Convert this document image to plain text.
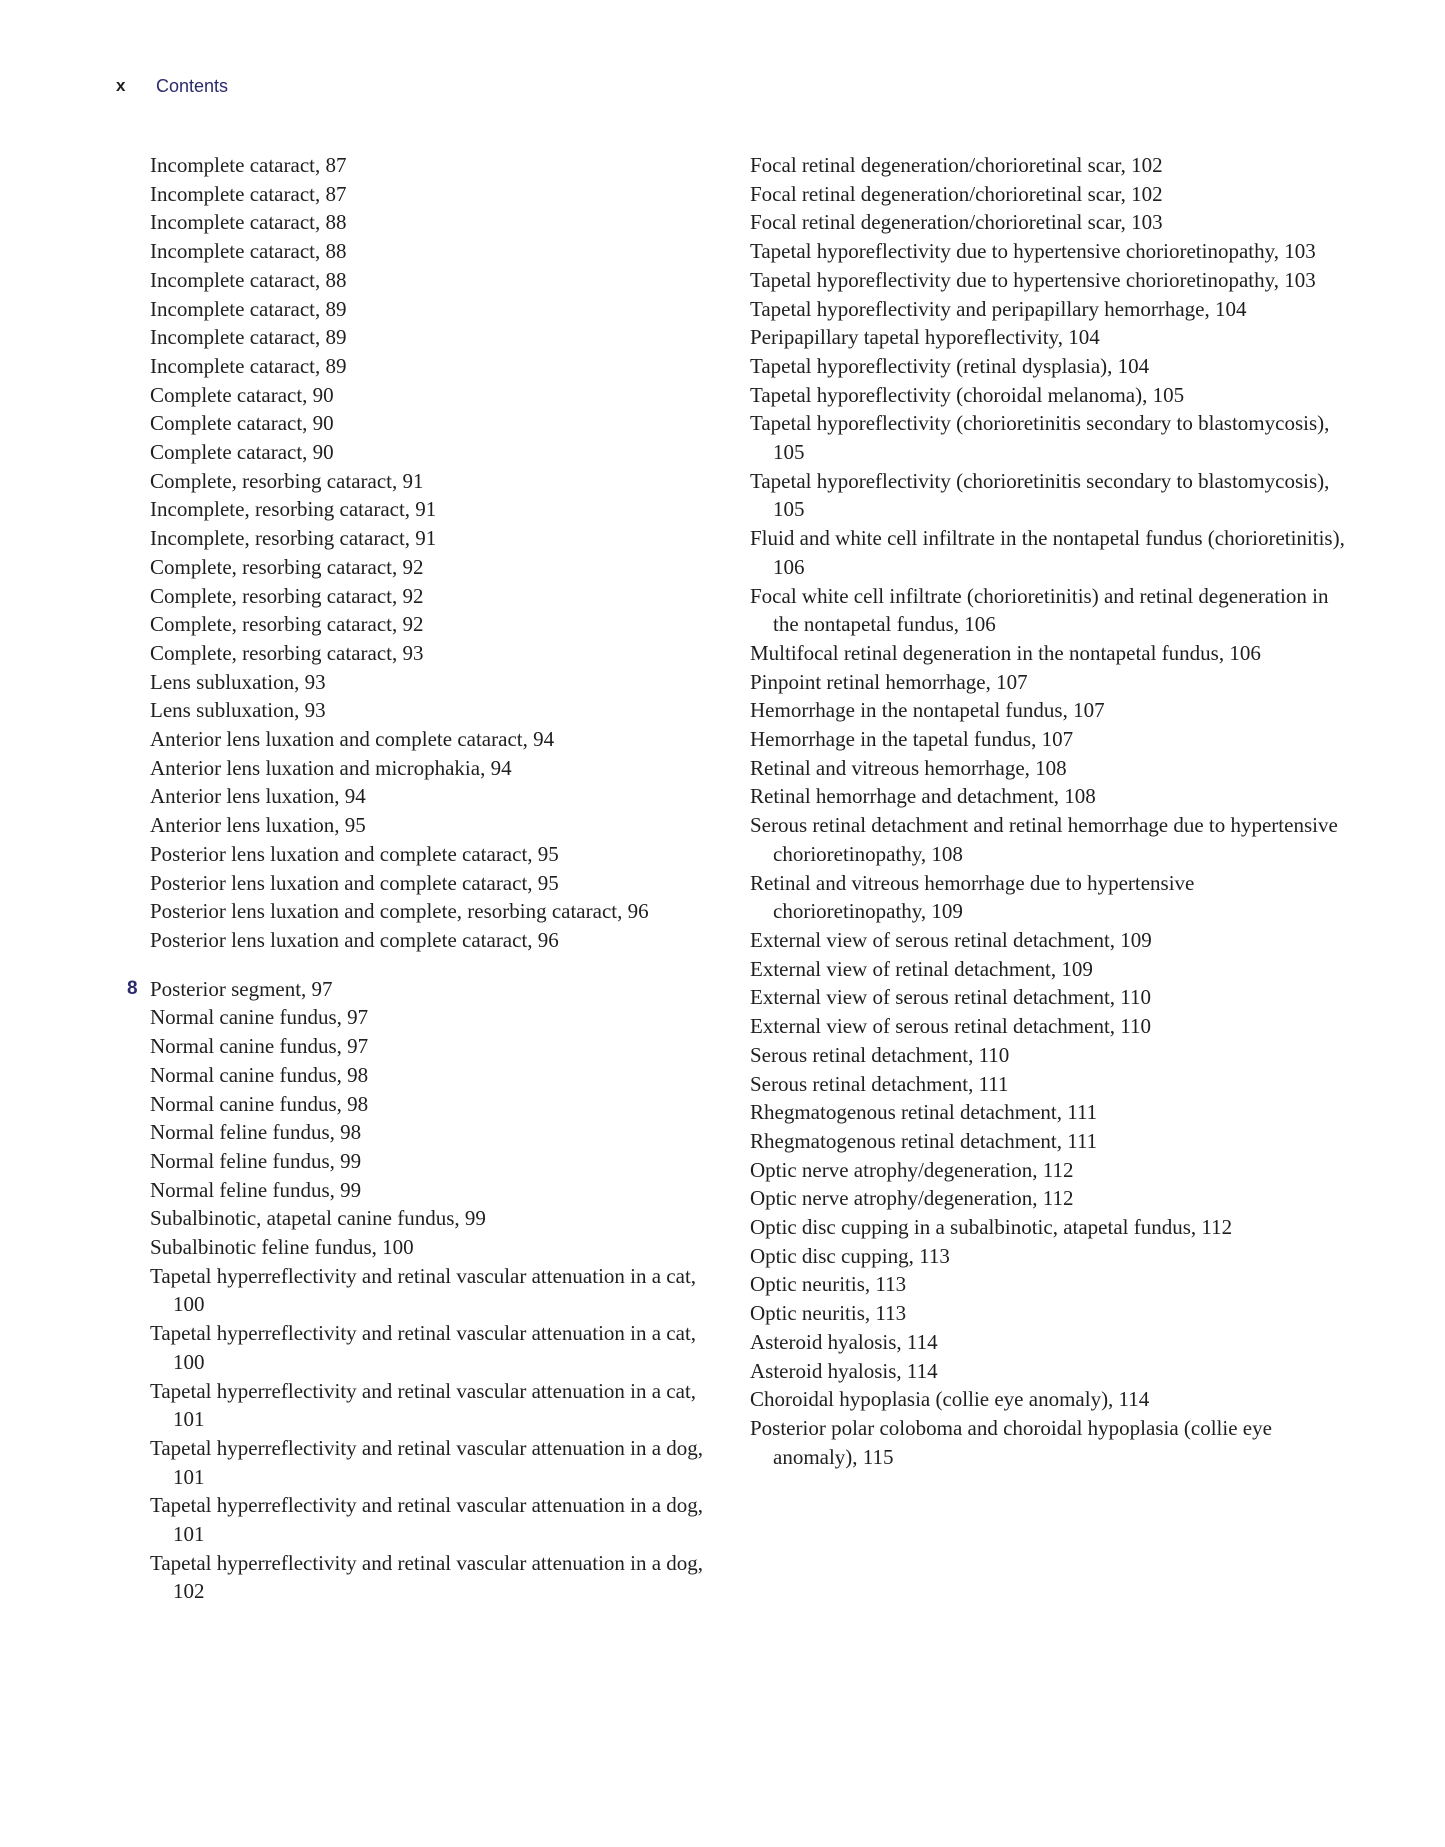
x	Contents
Incomplete cataract, 87
Incomplete cataract, 87
Incomplete cataract, 88
Incomplete cataract, 88
Incomplete cataract, 88
Incomplete cataract, 89
Incomplete cataract, 89
Incomplete cataract, 89
Complete cataract, 90
Complete cataract, 90
Complete cataract, 90
Complete, resorbing cataract, 91
Incomplete, resorbing cataract, 91
Incomplete, resorbing cataract, 91
Complete, resorbing cataract, 92
Complete, resorbing cataract, 92
Complete, resorbing cataract, 92
Complete, resorbing cataract, 93
Lens subluxation, 93
Lens subluxation, 93
Anterior lens luxation and complete cataract, 94
Anterior lens luxation and microphakia, 94
Anterior lens luxation, 94
Anterior lens luxation, 95
Posterior lens luxation and complete cataract, 95
Posterior lens luxation and complete cataract, 95
Posterior lens luxation and complete, resorbing cataract, 96
Posterior lens luxation and complete cataract, 96
8 Posterior segment, 97
Normal canine fundus, 97
Normal canine fundus, 97
Normal canine fundus, 98
Normal canine fundus, 98
Normal feline fundus, 98
Normal feline fundus, 99
Normal feline fundus, 99
Subalbinotic, atapetal canine fundus, 99
Subalbinotic feline fundus, 100
Tapetal hyperreflectivity and retinal vascular attenuation in a cat, 100
Tapetal hyperreflectivity and retinal vascular attenuation in a cat, 100
Tapetal hyperreflectivity and retinal vascular attenuation in a cat, 101
Tapetal hyperreflectivity and retinal vascular attenuation in a dog, 101
Tapetal hyperreflectivity and retinal vascular attenuation in a dog, 101
Tapetal hyperreflectivity and retinal vascular attenuation in a dog, 102
Focal retinal degeneration/chorioretinal scar, 102
Focal retinal degeneration/chorioretinal scar, 102
Focal retinal degeneration/chorioretinal scar, 103
Tapetal hyporeflectivity due to hypertensive chorioretinopathy, 103
Tapetal hyporeflectivity due to hypertensive chorioretinopathy, 103
Tapetal hyporeflectivity and peripapillary hemorrhage, 104
Peripapillary tapetal hyporeflectivity, 104
Tapetal hyporeflectivity (retinal dysplasia), 104
Tapetal hyporeflectivity (choroidal melanoma), 105
Tapetal hyporeflectivity (chorioretinitis secondary to blastomycosis), 105
Tapetal hyporeflectivity (chorioretinitis secondary to blastomycosis), 105
Fluid and white cell infiltrate in the nontapetal fundus (chorioretinitis), 106
Focal white cell infiltrate (chorioretinitis) and retinal degeneration in the nontapetal fundus, 106
Multifocal retinal degeneration in the nontapetal fundus, 106
Pinpoint retinal hemorrhage, 107
Hemorrhage in the nontapetal fundus, 107
Hemorrhage in the tapetal fundus, 107
Retinal and vitreous hemorrhage, 108
Retinal hemorrhage and detachment, 108
Serous retinal detachment and retinal hemorrhage due to hypertensive chorioretinopathy, 108
Retinal and vitreous hemorrhage due to hypertensive chorioretinopathy, 109
External view of serous retinal detachment, 109
External view of retinal detachment, 109
External view of serous retinal detachment, 110
External view of serous retinal detachment, 110
Serous retinal detachment, 110
Serous retinal detachment, 111
Rhegmatogenous retinal detachment, 111
Rhegmatogenous retinal detachment, 111
Optic nerve atrophy/degeneration, 112
Optic nerve atrophy/degeneration, 112
Optic disc cupping in a subalbinotic, atapetal fundus, 112
Optic disc cupping, 113
Optic neuritis, 113
Optic neuritis, 113
Asteroid hyalosis, 114
Asteroid hyalosis, 114
Choroidal hypoplasia (collie eye anomaly), 114
Posterior polar coloboma and choroidal hypoplasia (collie eye anomaly), 115
